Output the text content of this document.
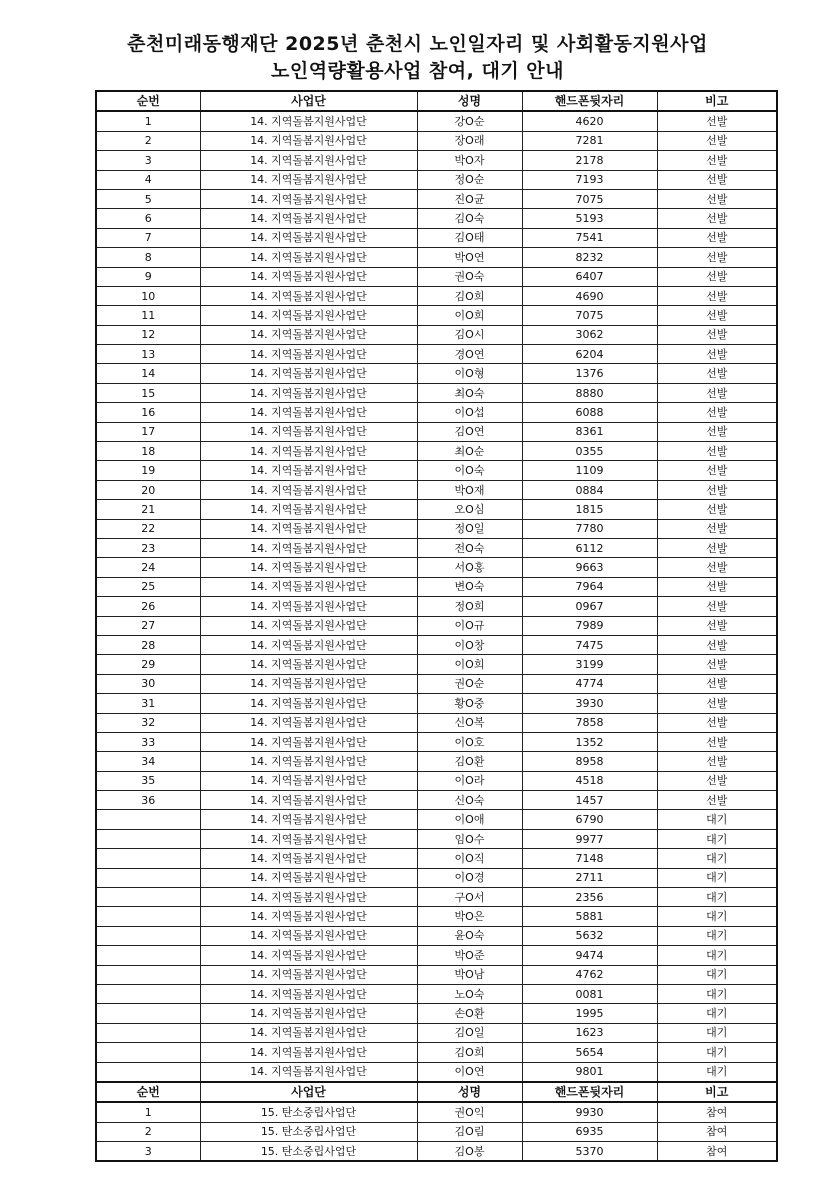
춘천미래동행재단 2025년 춘천시 노인일자리 및 사회활동지원사업
노인역량활용사업 참여, 대기 안내
순번	사업단	성명	핸드폰뒷자리	비고
1	14. 지역돌봄지원사업단	강O순	4620	선발
2	14. 지역돌봄지원사업단	장O래	7281	선발
3	14. 지역돌봄지원사업단	박O자	2178	선발
4	14. 지역돌봄지원사업단	정O순	7193	선발
5	14. 지역돌봄지원사업단	진O균	7075	선발
6	14. 지역돌봄지원사업단	김O숙	5193	선발
7	14. 지역돌봄지원사업단	김O태	7541	선발
8	14. 지역돌봄지원사업단	박O연	8232	선발
9	14. 지역돌봄지원사업단	권O숙	6407	선발
10	14. 지역돌봄지원사업단	김O희	4690	선발
11	14. 지역돌봄지원사업단	이O희	7075	선발
12	14. 지역돌봄지원사업단	김O시	3062	선발
13	14. 지역돌봄지원사업단	경O연	6204	선발
14	14. 지역돌봄지원사업단	이O형	1376	선발
15	14. 지역돌봄지원사업단	최O숙	8880	선발
16	14. 지역돌봄지원사업단	이O섭	6088	선발
17	14. 지역돌봄지원사업단	김O연	8361	선발
18	14. 지역돌봄지원사업단	최O순	0355	선발
19	14. 지역돌봄지원사업단	이O숙	1109	선발
20	14. 지역돌봄지원사업단	박O재	0884	선발
21	14. 지역돌봄지원사업단	오O심	1815	선발
22	14. 지역돌봄지원사업단	정O일	7780	선발
23	14. 지역돌봄지원사업단	전O숙	6112	선발
24	14. 지역돌봄지원사업단	서O홍	9663	선발
25	14. 지역돌봄지원사업단	변O숙	7964	선발
26	14. 지역돌봄지원사업단	정O희	0967	선발
27	14. 지역돌봄지원사업단	이O규	7989	선발
28	14. 지역돌봄지원사업단	이O창	7475	선발
29	14. 지역돌봄지원사업단	이O희	3199	선발
30	14. 지역돌봄지원사업단	권O순	4774	선발
31	14. 지역돌봄지원사업단	황O중	3930	선발
32	14. 지역돌봄지원사업단	신O복	7858	선발
33	14. 지역돌봄지원사업단	이O호	1352	선발
34	14. 지역돌봄지원사업단	김O환	8958	선발
35	14. 지역돌봄지원사업단	이O라	4518	선발
36	14. 지역돌봄지원사업단	신O숙	1457	선발
	14. 지역돌봄지원사업단	이O애	6790	대기
	14. 지역돌봄지원사업단	임O수	9977	대기
	14. 지역돌봄지원사업단	이O직	7148	대기
	14. 지역돌봄지원사업단	이O경	2711	대기
	14. 지역돌봄지원사업단	구O서	2356	대기
	14. 지역돌봄지원사업단	박O은	5881	대기
	14. 지역돌봄지원사업단	윤O숙	5632	대기
	14. 지역돌봄지원사업단	박O준	9474	대기
	14. 지역돌봄지원사업단	박O남	4762	대기
	14. 지역돌봄지원사업단	노O숙	0081	대기
	14. 지역돌봄지원사업단	손O환	1995	대기
	14. 지역돌봄지원사업단	김O일	1623	대기
	14. 지역돌봄지원사업단	김O희	5654	대기
	14. 지역돌봄지원사업단	이O연	9801	대기
순번	사업단	성명	핸드폰뒷자리	비고
1	15. 탄소중립사업단	권O익	9930	참여
2	15. 탄소중립사업단	김O림	6935	참여
3	15. 탄소중립사업단	김O봉	5370	참여
